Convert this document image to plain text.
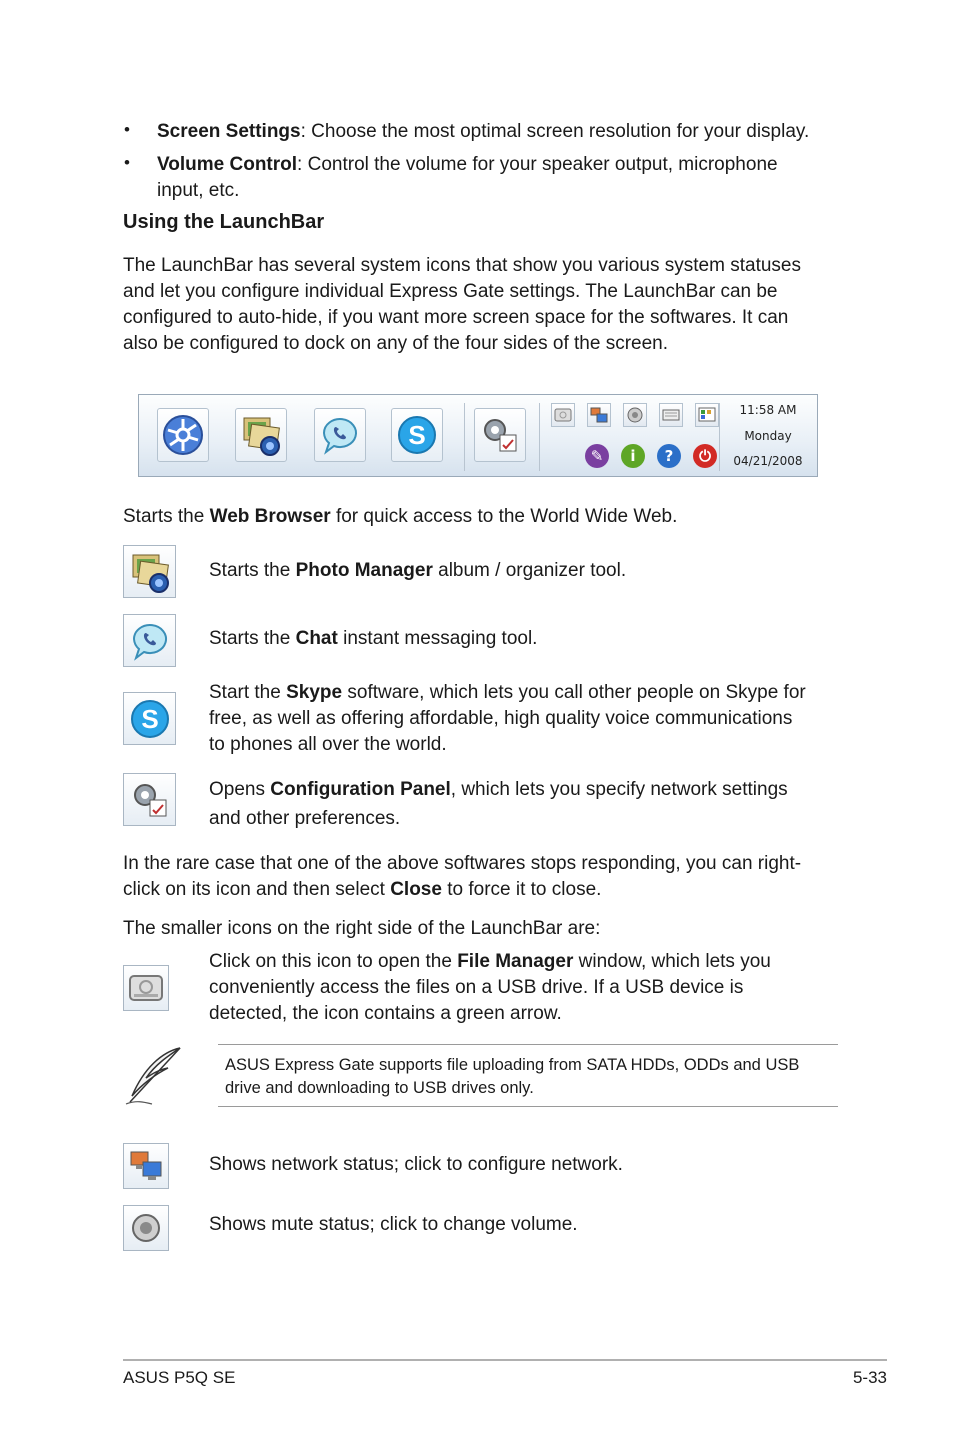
• Screen Settings: Choose the most optimal screen resolution for your display.
• Volume Control: Control the volume for your speaker output, microphone
input, etc.
Using the LaunchBar
The LaunchBar has several system icons that show you various system statuses
and let you configure individual Express Gate settings. The LaunchBar can be
configured to auto-hide, if you want more screen space for the softwares. It can
also be configured to dock on any of the four sides of the screen.
S
✎	i	?	⏻
11:58 AM
Monday
04/21/2008
Starts the Web Browser for quick access to the World Wide Web.
Starts the Photo Manager album / organizer tool.
Starts the Chat instant messaging tool.
S
Start the Skype software, which lets you call other people on Skype for
free, as well as offering affordable, high quality voice communications
to phones all over the world.
Opens Configuration Panel, which lets you specify network settings
and other preferences.
In the rare case that one of the above softwares stops responding, you can right-
click on its icon and then select Close to force it to close.
The smaller icons on the right side of the LaunchBar are:
Click on this icon to open the File Manager window, which lets you
conveniently access the files on a USB drive. If a USB device is
detected, the icon contains a green arrow.
ASUS Express Gate supports file uploading from SATA HDDs, ODDs and USB
drive and downloading to USB drives only.
Shows network status; click to configure network.
Shows mute status; click to change volume.
ASUS P5Q SE	5-33
